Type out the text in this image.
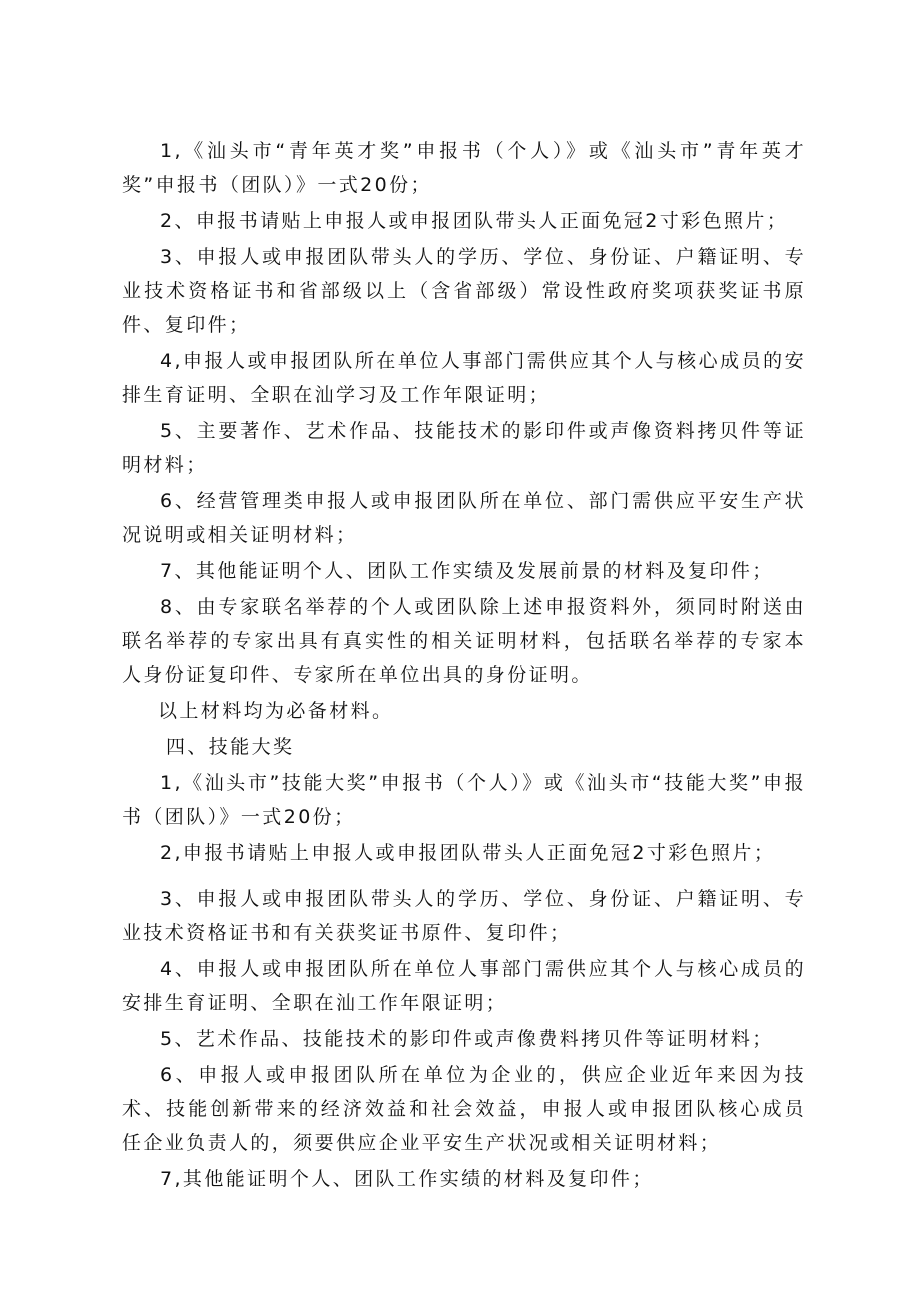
1,《汕头市“青年英才奖”申报书（个人）》或《汕头市”青年英才奖”申报书（团队）》一式20份；

2、申报书请贴上申报人或申报团队带头人正面免冠2寸彩色照片；

3、申报人或申报团队带头人的学历、学位、身份证、户籍证明、专业技术资格证书和省部级以上（含省部级）常设性政府奖项获奖证书原件、复印件；

4,申报人或申报团队所在单位人事部门需供应其个人与核心成员的安排生育证明、全职在汕学习及工作年限证明；

5、主要著作、艺术作品、技能技术的影印件或声像资料拷贝件等证明材料；

6、经营管理类申报人或申报团队所在单位、部门需供应平安生产状况说明或相关证明材料；

7、其他能证明个人、团队工作实绩及发展前景的材料及复印件；

8、由专家联名举荐的个人或团队除上述申报资料外，须同时附送由联名举荐的专家出具有真实性的相关证明材料，包括联名举荐的专家本人身份证复印件、专家所在单位出具的身份证明。

以上材料均为必备材料。

四、技能大奖

1,《汕头市”技能大奖”申报书（个人）》或《汕头市“技能大奖”申报书（团队）》一式20份；

2,申报书请贴上申报人或申报团队带头人正面免冠2寸彩色照片；

3、申报人或申报团队带头人的学历、学位、身份证、户籍证明、专业技术资格证书和有关获奖证书原件、复印件；

4、申报人或申报团队所在单位人事部门需供应其个人与核心成员的安排生育证明、全职在汕工作年限证明；

5、艺术作品、技能技术的影印件或声像费料拷贝件等证明材料；

6、申报人或申报团队所在单位为企业的，供应企业近年来因为技术、技能创新带来的经济效益和社会效益，申报人或申报团队核心成员任企业负责人的，须要供应企业平安生产状况或相关证明材料；

7,其他能证明个人、团队工作实绩的材料及复印件；
